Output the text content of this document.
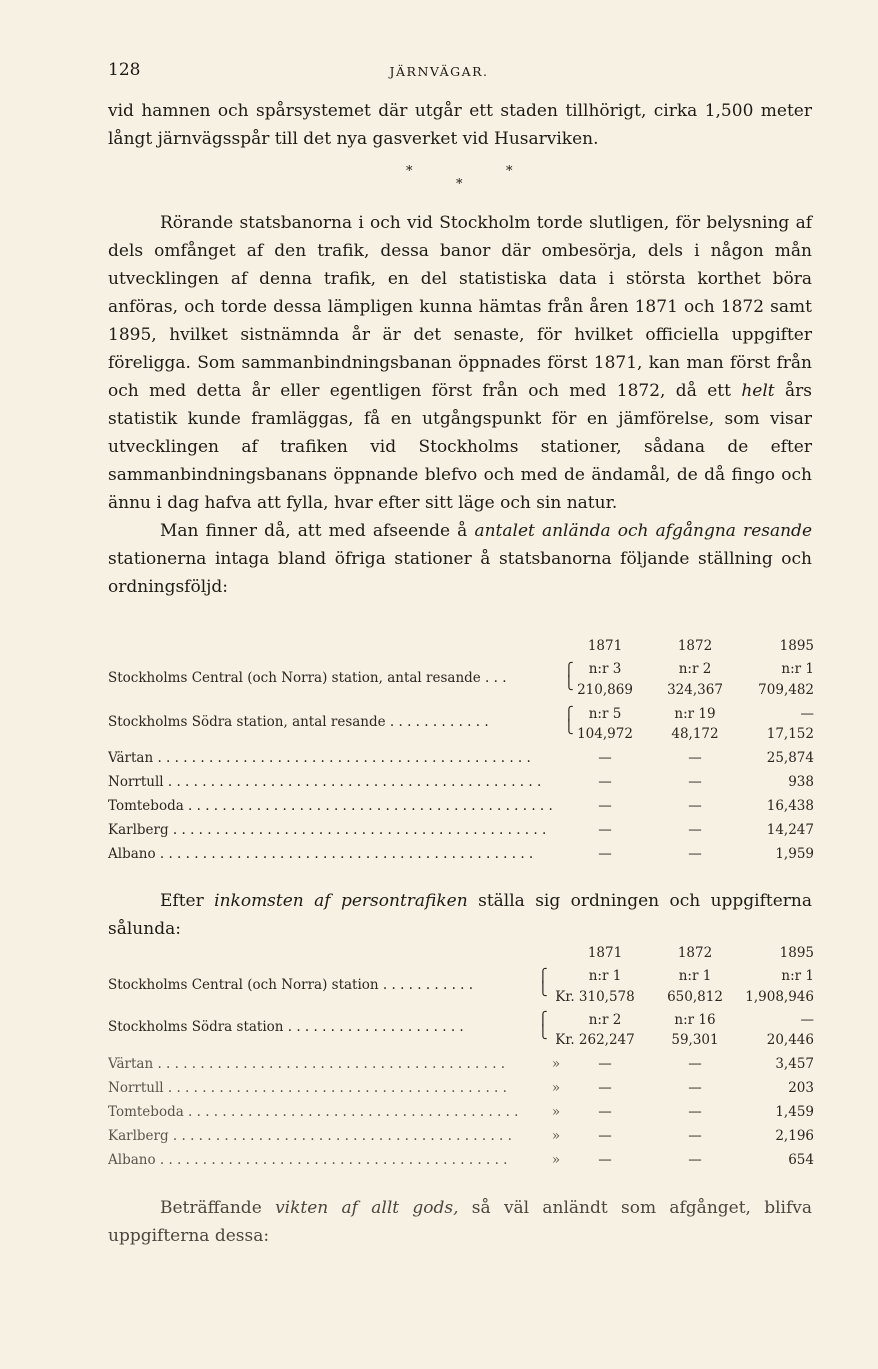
128	JÄRNVÄGAR.

vid hamnen och spårsystemet där utgår ett staden tillhörigt, cirka 1,500 meter långt järnvägsspår till det nya gasverket vid Husarviken.

*	*
*

Rörande statsbanorna i och vid Stockholm torde slutligen, för belysning af dels omfånget af den trafik, dessa banor där ombesörja, dels i någon mån utvecklingen af denna trafik, en del statistiska data i största korthet böra anföras, och torde dessa lämpligen kunna hämtas från åren 1871 och 1872 samt 1895, hvilket sistnämnda år är det senaste, för hvilket officiella uppgifter föreligga. Som sammanbindningsbanan öppnades först 1871, kan man först från och med detta år eller egentligen först från och med 1872, då ett helt års statistik kunde framläggas, få en utgångspunkt för en jämförelse, som visar utvecklingen af trafiken vid Stockholms stationer, sådana de efter sammanbindningsbanans öppnande blefvo och med de ändamål, de då fingo och ännu i dag hafva att fylla, hvar efter sitt läge och sin natur.

Man finner då, att med afseende å antalet anlända och afgångna resande stationerna intaga bland öfriga stationer å statsbanorna följande ställning och ordningsföljd:

1871	1872	1895
Stockholms Central (och Norra) station, antal resande . . .	⎧
⎩
n:r 3	n:r 2	n:r 1
210,869	324,367	709,482
Stockholms Södra station, antal resande . . . . . . . . . . . .	⎧
⎩
n:r 5	n:r 19	—
104,972	48,172	17,152
Värtan . . . . . . . . . . . . . . . . . . . . . . . . . . . . . . . . . . . . . . . . . . . .	—	—	25,874
Norrtull . . . . . . . . . . . . . . . . . . . . . . . . . . . . . . . . . . . . . . . . . . . .	—	—	938
Tomteboda . . . . . . . . . . . . . . . . . . . . . . . . . . . . . . . . . . . . . . . . . . .	—	—	16,438
Karlberg . . . . . . . . . . . . . . . . . . . . . . . . . . . . . . . . . . . . . . . . . . . .	—	—	14,247
Albano . . . . . . . . . . . . . . . . . . . . . . . . . . . . . . . . . . . . . . . . . . . .	—	—	1,959

Efter inkomsten af persontrafiken ställa sig ordningen och uppgifterna sålunda:

1871	1872	1895
Stockholms Central (och Norra) station . . . . . . . . . . .
⎧
⎩
n:r 1	n:r 1	n:r 1
Kr. 310,578	650,812	1,908,946
Stockholms Södra station . . . . . . . . . . . . . . . . . . . . .	⎧
⎩
n:r 2	n:r 16	—
Kr. 262,247	59,301	20,446
Värtan . . . . . . . . . . . . . . . . . . . . . . . . . . . . . . . . . . . . . . . . .	»	—	—	3,457
Norrtull . . . . . . . . . . . . . . . . . . . . . . . . . . . . . . . . . . . . . . . .	»	—	—	203
Tomteboda . . . . . . . . . . . . . . . . . . . . . . . . . . . . . . . . . . . . . . .	»	—	—	1,459
Karlberg . . . . . . . . . . . . . . . . . . . . . . . . . . . . . . . . . . . . . . . .	»	—	—	2,196
Albano . . . . . . . . . . . . . . . . . . . . . . . . . . . . . . . . . . . . . . . . .	»	—	—	654

Beträffande vikten af allt gods, så väl anländt som afgånget, blifva uppgifterna dessa:
